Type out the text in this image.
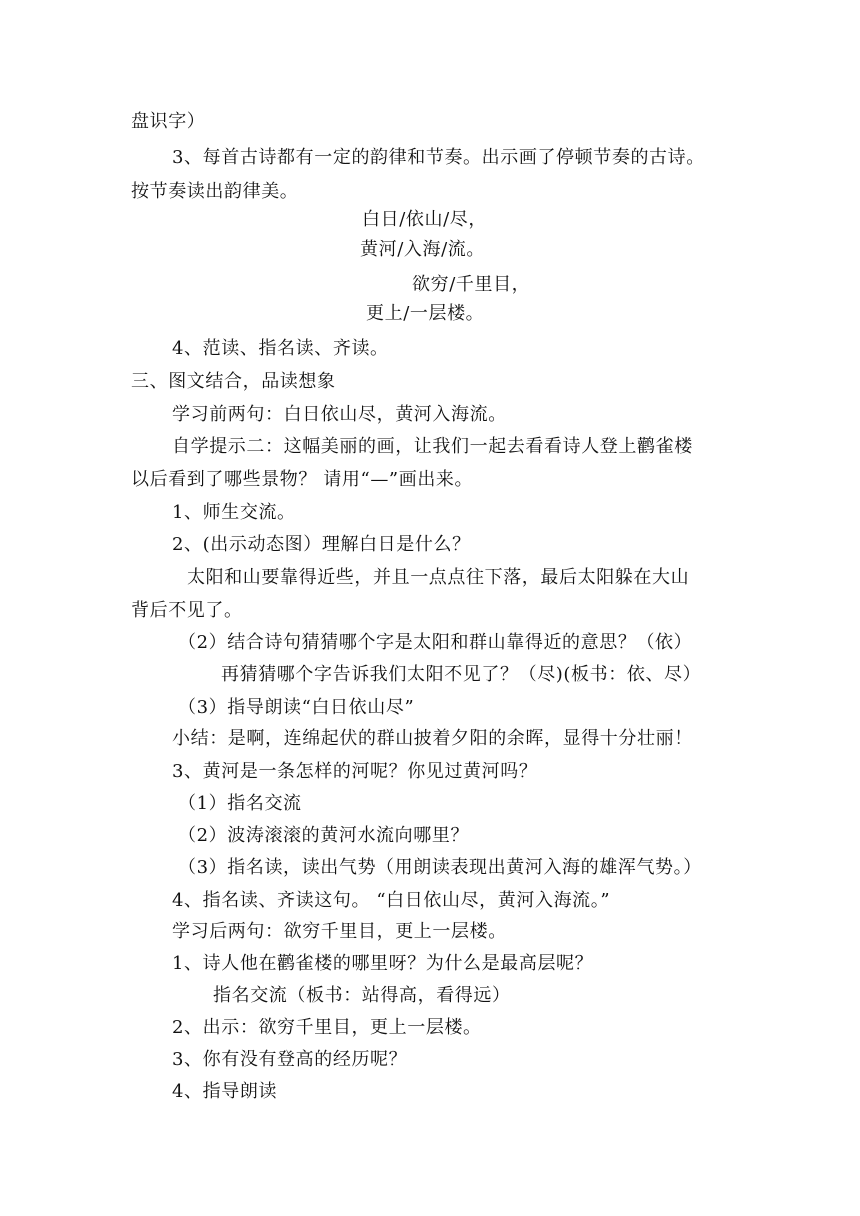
盘识字）
3、每首古诗都有一定的韵律和节奏。出示画了停顿节奏的古诗。
按节奏读出韵律美。
白日/依山/尽，
黄河/入海/流。
欲穷/千里目，
更上/一层楼。
4、范读、指名读、齐读。
三、图文结合，品读想象
学习前两句：白日依山尽，黄河入海流。
自学提示二：这幅美丽的画，让我们一起去看看诗人登上鹳雀楼
以后看到了哪些景物？ 请用“—”画出来。
1、师生交流。
2、(出示动态图）理解白日是什么？
太阳和山要靠得近些，并且一点点往下落，最后太阳躲在大山
背后不见了。
（2）结合诗句猜猜哪个字是太阳和群山靠得近的意思？（依）
再猜猜哪个字告诉我们太阳不见了？（尽)(板书：依、尽）
（3）指导朗读“白日依山尽”
小结：是啊，连绵起伏的群山披着夕阳的余晖，显得十分壮丽！
3、黄河是一条怎样的河呢？你见过黄河吗？
（1）指名交流
（2）波涛滚滚的黄河水流向哪里？
（3）指名读，读出气势（用朗读表现出黄河入海的雄浑气势。）
4、指名读、齐读这句。 “白日依山尽，黄河入海流。”
学习后两句：欲穷千里目，更上一层楼。
1、诗人他在鹳雀楼的哪里呀？为什么是最高层呢？
指名交流（板书：站得高，看得远）
2、出示：欲穷千里目，更上一层楼。
3、你有没有登高的经历呢？
4、指导朗读
